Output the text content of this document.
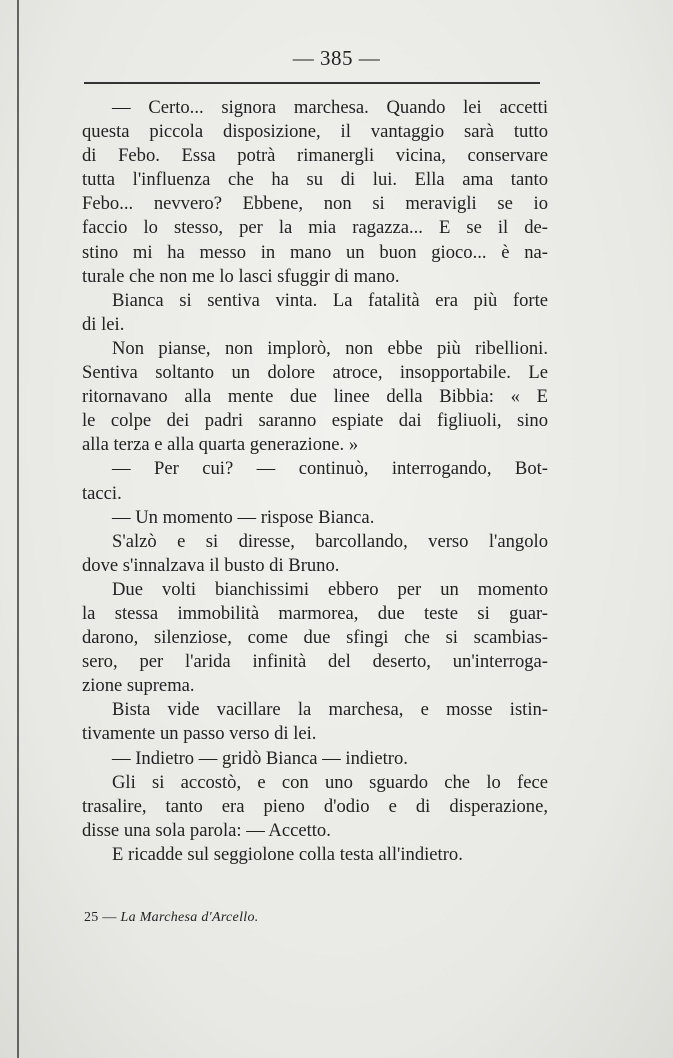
— 385 —
— Certo... signora marchesa. Quando lei accetti
questa piccola disposizione, il vantaggio sarà tutto
di Febo. Essa potrà rimanergli vicina, conservare
tutta l'influenza che ha su di lui. Ella ama tanto
Febo... nevvero? Ebbene, non si meravigli se io
faccio lo stesso, per la mia ragazza... E se il de-
stino mi ha messo in mano un buon gioco... è na-
turale che non me lo lasci sfuggir di mano.
Bianca si sentiva vinta. La fatalità era più forte
di lei.
Non pianse, non implorò, non ebbe più ribellioni.
Sentiva soltanto un dolore atroce, insopportabile. Le
ritornavano alla mente due linee della Bibbia: « E
le colpe dei padri saranno espiate dai figliuoli, sino
alla terza e alla quarta generazione. »
— Per cui? — continuò, interrogando, Bot-
tacci.
— Un momento — rispose Bianca.
S'alzò e si diresse, barcollando, verso l'angolo
dove s'innalzava il busto di Bruno.
Due volti bianchissimi ebbero per un momento
la stessa immobilità marmorea, due teste si guar-
darono, silenziose, come due sfingi che si scambias-
sero, per l'arida infinità del deserto, un'interroga-
zione suprema.
Bista vide vacillare la marchesa, e mosse istin-
tivamente un passo verso di lei.
— Indietro — gridò Bianca — indietro.
Gli si accostò, e con uno sguardo che lo fece
trasalire, tanto era pieno d'odio e di disperazione,
disse una sola parola: — Accetto.
E ricadde sul seggiolone colla testa all'indietro.
25 — La Marchesa d'Arcello.
